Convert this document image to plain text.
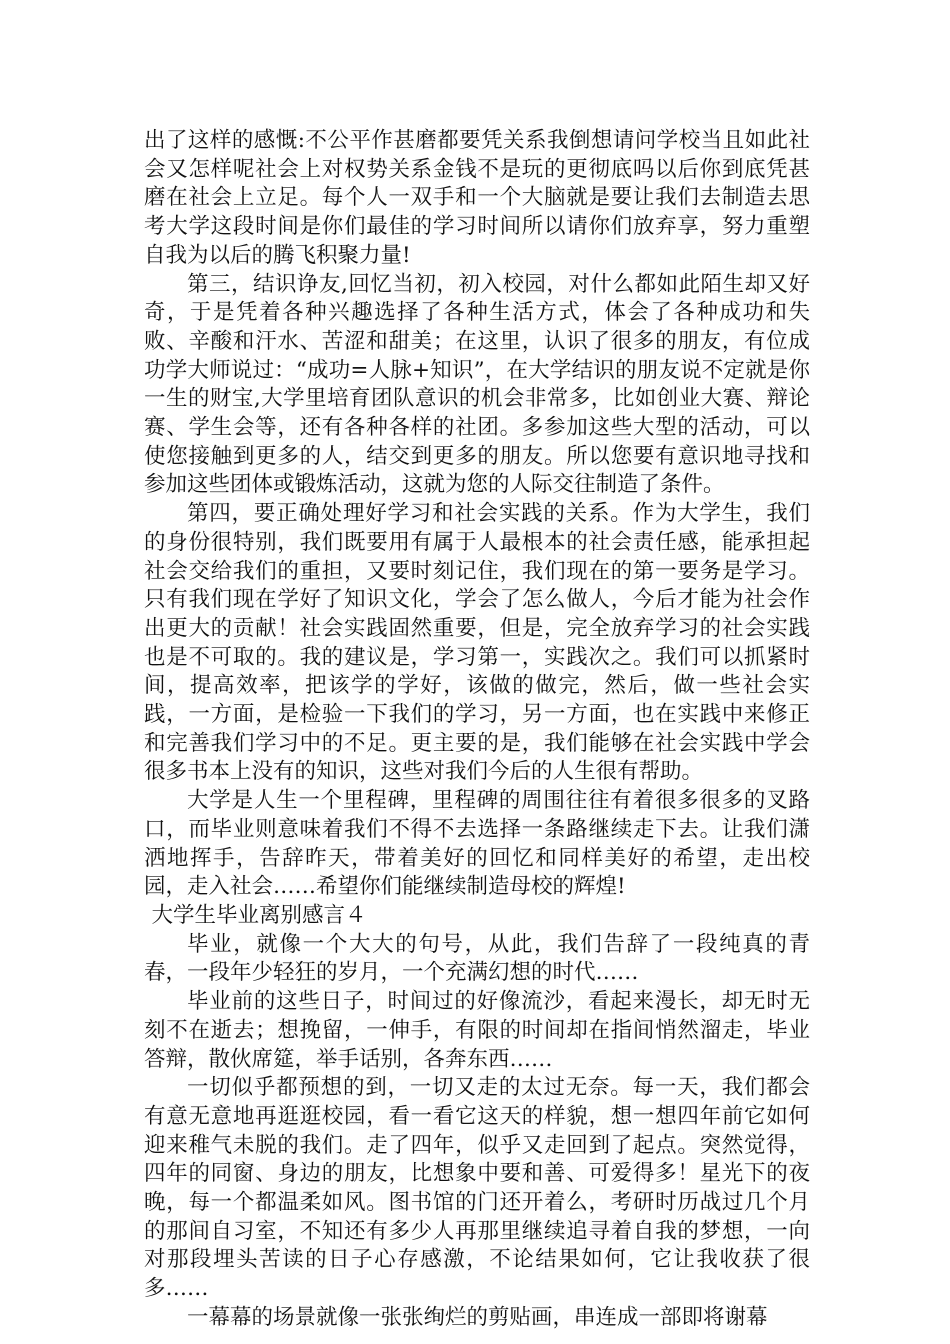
出了这样的感慨:不公平作甚磨都要凭关系我倒想请问学校当且如此社会又怎样呢社会上对权势关系金钱不是玩的更彻底吗以后你到底凭甚磨在社会上立足。每个人一双手和一个大脑就是要让我们去制造去思考大学这段时间是你们最佳的学习时间所以请你们放弃享，努力重塑自我为以后的腾飞积聚力量!

第三，结识诤友,回忆当初，初入校园，对什么都如此陌生却又好奇，于是凭着各种兴趣选择了各种生活方式，体会了各种成功和失败、辛酸和汗水、苦涩和甜美；在这里，认识了很多的朋友，有位成功学大师说过：“成功=人脉+知识”，在大学结识的朋友说不定就是你一生的财宝,大学里培育团队意识的机会非常多，比如创业大赛、辩论赛、学生会等，还有各种各样的社团。多参加这些大型的活动，可以使您接触到更多的人，结交到更多的朋友。所以您要有意识地寻找和参加这些团体或锻炼活动，这就为您的人际交往制造了条件。

第四，要正确处理好学习和社会实践的关系。作为大学生，我们的身份很特别，我们既要用有属于人最根本的社会责任感，能承担起社会交给我们的重担，又要时刻记住，我们现在的第一要务是学习。只有我们现在学好了知识文化，学会了怎么做人，今后才能为社会作出更大的贡献！社会实践固然重要，但是，完全放弃学习的社会实践也是不可取的。我的建议是，学习第一，实践次之。我们可以抓紧时间，提高效率，把该学的学好，该做的做完，然后，做一些社会实践，一方面，是检验一下我们的学习，另一方面，也在实践中来修正和完善我们学习中的不足。更主要的是，我们能够在社会实践中学会很多书本上没有的知识，这些对我们今后的人生很有帮助。

大学是人生一个里程碑，里程碑的周围往往有着很多很多的叉路口，而毕业则意味着我们不得不去选择一条路继续走下去。让我们潇洒地挥手，告辞昨天，带着美好的回忆和同样美好的希望，走出校园，走入社会……希望你们能继续制造母校的辉煌!

大学生毕业离别感言４

毕业，就像一个大大的句号，从此，我们告辞了一段纯真的青春，一段年少轻狂的岁月，一个充满幻想的时代……

毕业前的这些日子，时间过的好像流沙，看起来漫长，却无时无刻不在逝去；想挽留，一伸手，有限的时间却在指间悄然溜走，毕业答辩，散伙席筵，举手话别，各奔东西……

一切似乎都预想的到，一切又走的太过无奈。每一天，我们都会有意无意地再逛逛校园，看一看它这天的样貌，想一想四年前它如何迎来稚气未脱的我们。走了四年，似乎又走回到了起点。突然觉得，四年的同窗、身边的朋友，比想象中要和善、可爱得多！星光下的夜晚，每一个都温柔如风。图书馆的门还开着么，考研时历战过几个月的那间自习室，不知还有多少人再那里继续追寻着自我的梦想，一向对那段埋头苦读的日子心存感激，不论结果如何，它让我收获了很多……

一幕幕的场景就像一张张绚烂的剪贴画，串连成一部即将谢幕
